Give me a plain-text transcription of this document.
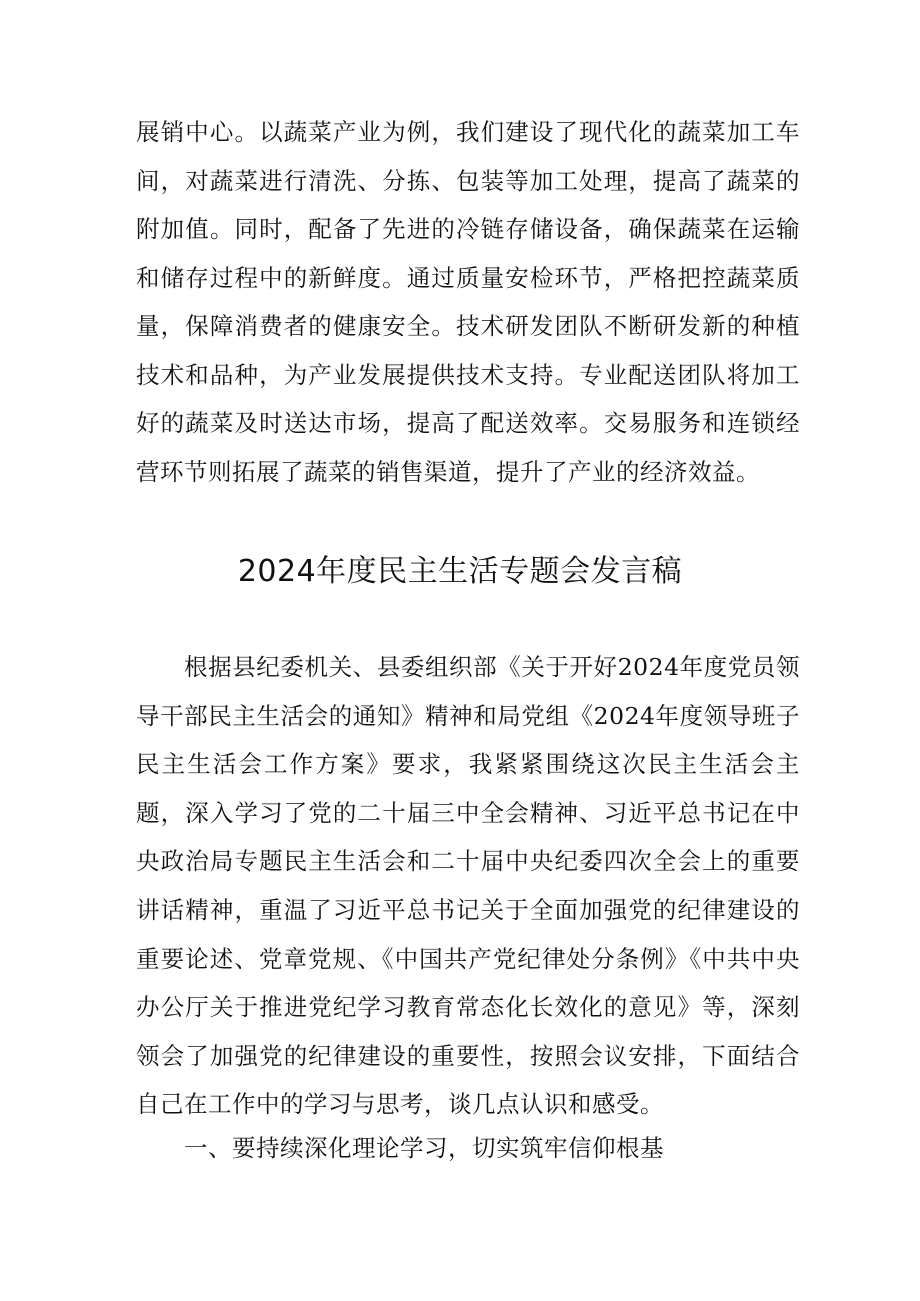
展销中心。以蔬菜产业为例，我们建设了现代化的蔬菜加工车间，对蔬菜进行清洗、分拣、包装等加工处理，提高了蔬菜的附加值。同时，配备了先进的冷链存储设备，确保蔬菜在运输和储存过程中的新鲜度。通过质量安检环节，严格把控蔬菜质量，保障消费者的健康安全。技术研发团队不断研发新的种植技术和品种，为产业发展提供技术支持。专业配送团队将加工好的蔬菜及时送达市场，提高了配送效率。交易服务和连锁经营环节则拓展了蔬菜的销售渠道，提升了产业的经济效益。

2024年度民主生活专题会发言稿

根据县纪委机关、县委组织部《关于开好2024年度党员领导干部民主生活会的通知》精神和局党组《2024年度领导班子民主生活会工作方案》要求，我紧紧围绕这次民主生活会主题，深入学习了党的二十届三中全会精神、习近平总书记在中央政治局专题民主生活会和二十届中央纪委四次全会上的重要讲话精神，重温了习近平总书记关于全面加强党的纪律建设的重要论述、党章党规、《中国共产党纪律处分条例》《中共中央办公厅关于推进党纪学习教育常态化长效化的意见》等，深刻领会了加强党的纪律建设的重要性，按照会议安排，下面结合自己在工作中的学习与思考，谈几点认识和感受。

一、要持续深化理论学习，切实筑牢信仰根基
